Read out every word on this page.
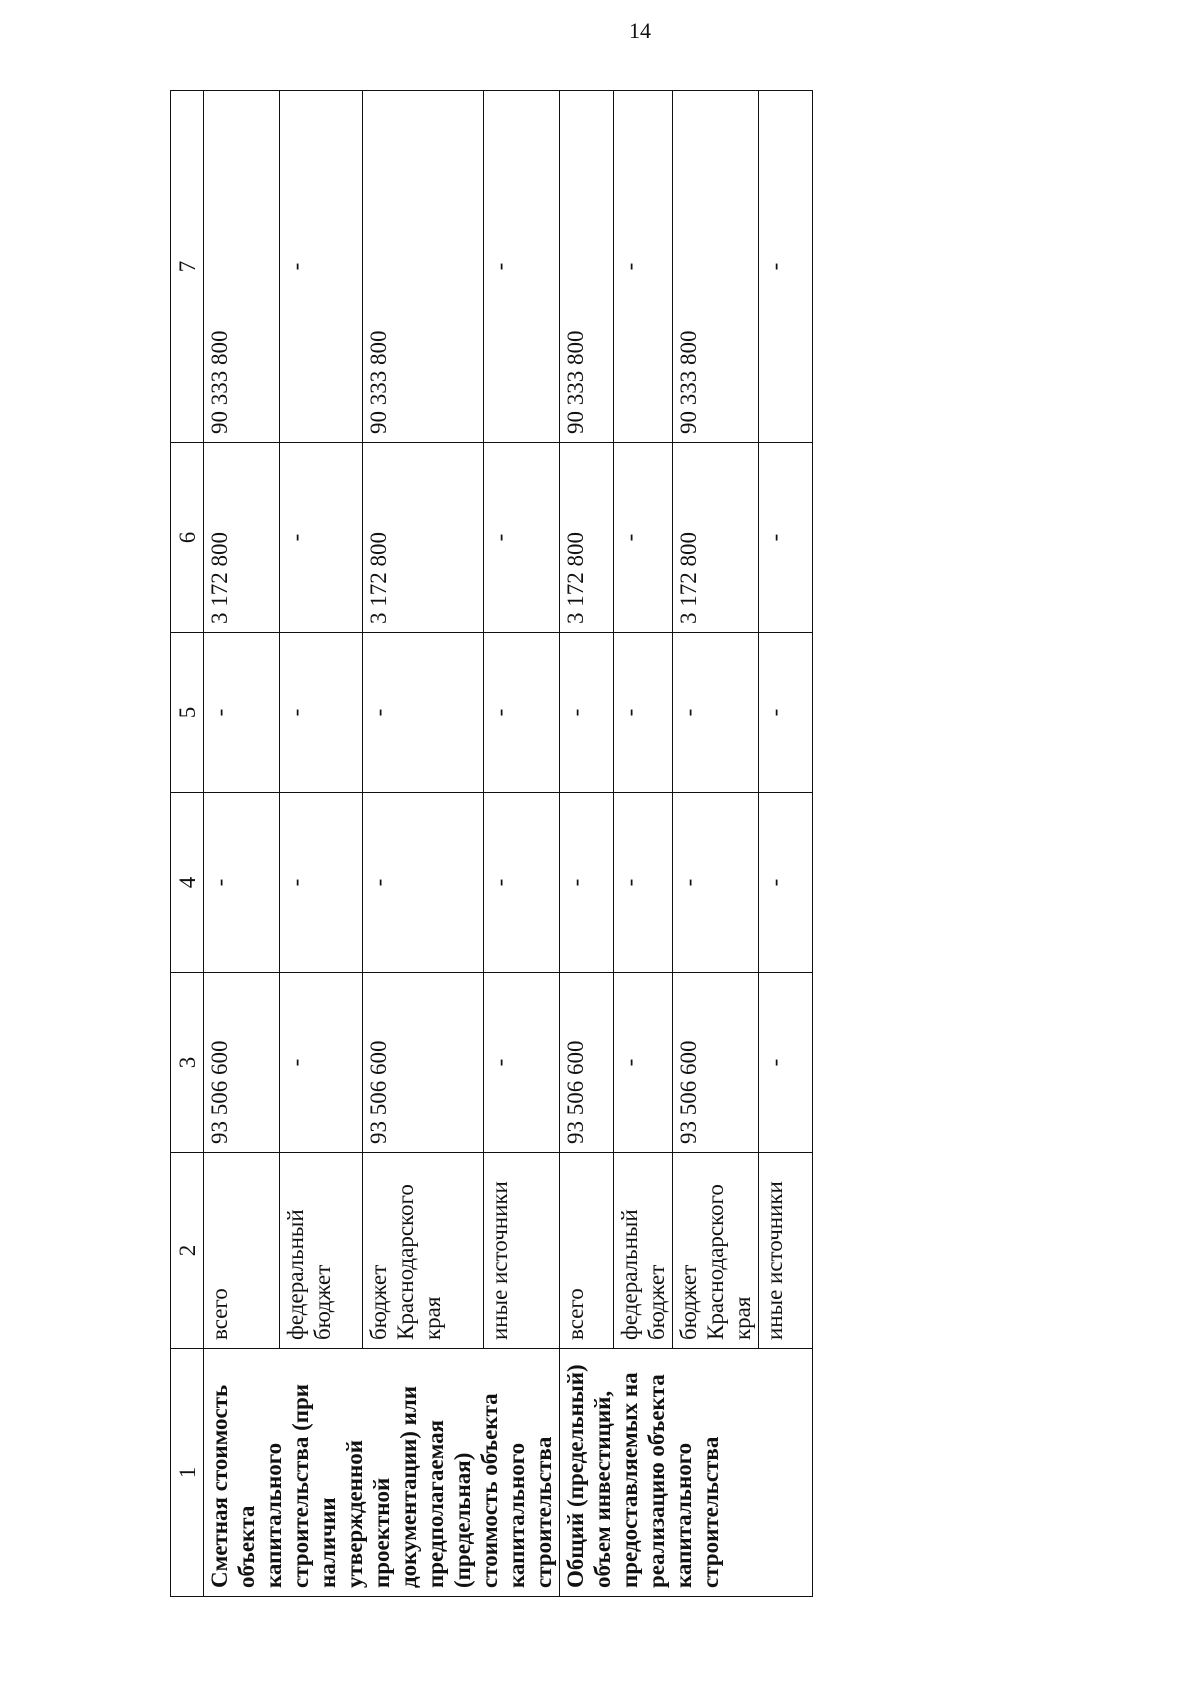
14
1	2	3	4	5	6	7
Сметная стоимость объекта капитального строительства (при наличии утвержденной проектной документации) или предполагаемая (предельная) стоимость объекта капитального строительства	всего	93 506 600	-	-	3 172 800	90 333 800
	федеральный бюджет	-	-	-	-	-
	бюджет Краснодарского края	93 506 600	-	-	3 172 800	90 333 800
	иные источники	-	-	-	-	-
Общий (предельный) объем инвестиций, предоставляемых на реализацию объекта капитального строительства	всего	93 506 600	-	-	3 172 800	90 333 800
	федеральный бюджет	-	-	-	-	-
	бюджет Краснодарского края	93 506 600	-	-	3 172 800	90 333 800
	иные источники	-	-	-	-	-
